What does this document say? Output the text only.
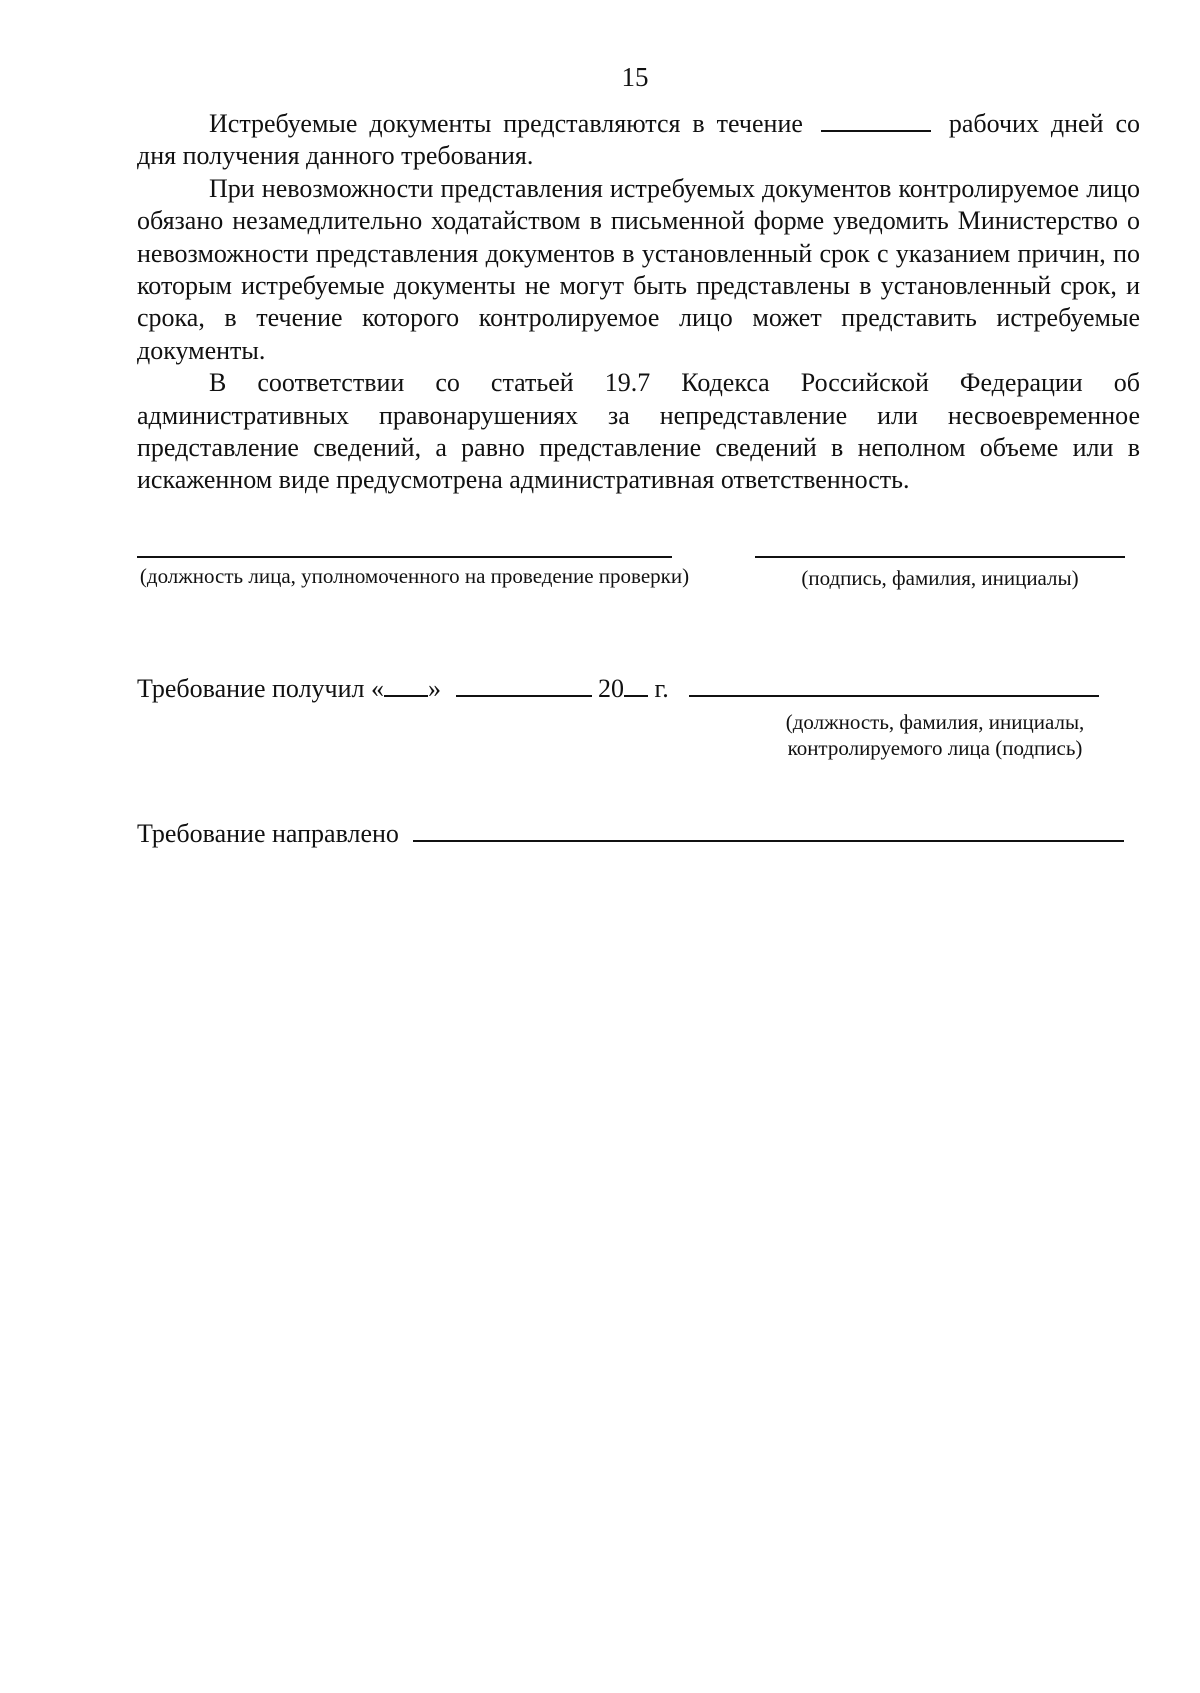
15

Истребуемые документы представляются в течение	рабочих дней со дня получения данного требования.

При невозможности представления истребуемых документов контролируемое лицо обязано незамедлительно ходатайством в письменной форме уведомить Министерство о невозможности представления документов в установленный срок с указанием причин, по которым истребуемые документы не могут быть представлены в установленный срок, и срока, в течение которого контролируемое лицо может представить истребуемые документы.

В соответствии со статьей 19.7 Кодекса Российской Федерации об административных правонарушениях за непредставление или несвоевременное представление сведений, а равно представление сведений в неполном объеме или в искаженном виде предусмотрена административная ответственность.

(должность лица, уполномоченного на проведение проверки)	(подпись, фамилия, инициалы)
Требование получил « »	20 г.
(должность, фамилия, инициалы,
контролируемого лица (подпись)
Требование направлено
